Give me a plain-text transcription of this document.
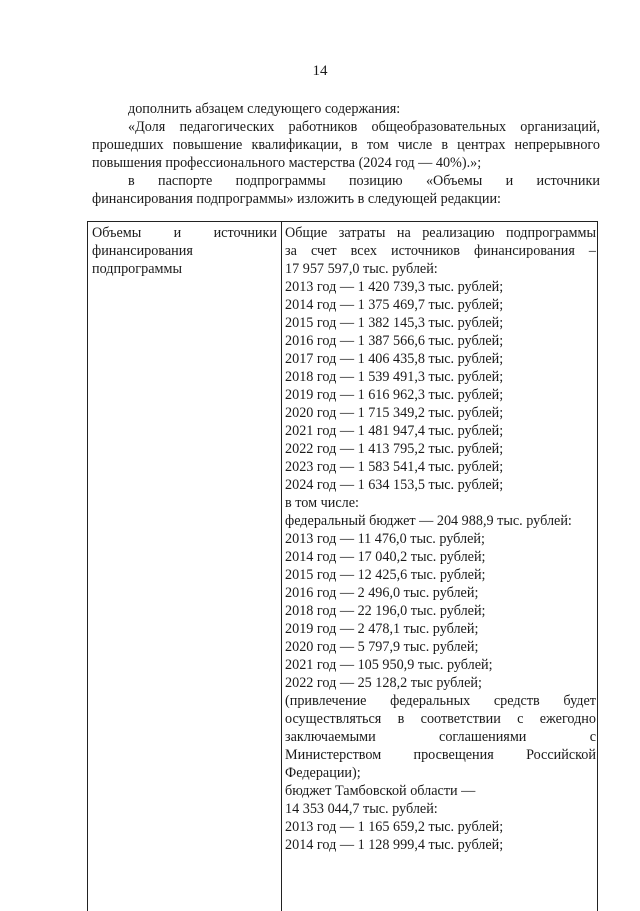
14

дополнить абзацем следующего содержания:

«Доля педагогических работников общеобразовательных организаций,

прошедших повышение квалификации, в том числе в центрах непрерывного

повышения профессионального мастерства (2024 год — 40%).»;

в паспорте подпрограммы позицию «Объемы и источники

финансирования подпрограммы» изложить в следующей редакции:

Объемы и источники
финансирования
подпрограммы
Общие затраты на реализацию подпрограммы
за счет всех источников финансирования –
17 957 597,0 тыс. рублей:
2013 год — 1 420 739,3 тыс. рублей;
2014 год — 1 375 469,7 тыс. рублей;
2015 год — 1 382 145,3 тыс. рублей;
2016 год — 1 387 566,6 тыс. рублей;
2017 год — 1 406 435,8 тыс. рублей;
2018 год — 1 539 491,3 тыс. рублей;
2019 год — 1 616 962,3 тыс. рублей;
2020 год — 1 715 349,2 тыс. рублей;
2021 год — 1 481 947,4 тыс. рублей;
2022 год — 1 413 795,2 тыс. рублей;
2023 год — 1 583 541,4 тыс. рублей;
2024 год — 1 634 153,5 тыс. рублей;
в том числе:
федеральный бюджет — 204 988,9 тыс. рублей:
2013 год — 11 476,0 тыс. рублей;
2014 год — 17 040,2 тыс. рублей;
2015 год — 12 425,6 тыс. рублей;
2016 год — 2 496,0 тыс. рублей;
2018 год — 22 196,0 тыс. рублей;
2019 год — 2 478,1 тыс. рублей;
2020 год — 5 797,9 тыс. рублей;
2021 год — 105 950,9 тыс. рублей;
2022 год — 25 128,2 тыс рублей;
(привлечение федеральных средств будет
осуществляться в соответствии с ежегодно
заключаемыми соглашениями с
Министерством просвещения Российской
Федерации);
бюджет Тамбовской области —
14 353 044,7 тыс. рублей:
2013 год — 1 165 659,2 тыс. рублей;
2014 год — 1 128 999,4 тыс. рублей;
